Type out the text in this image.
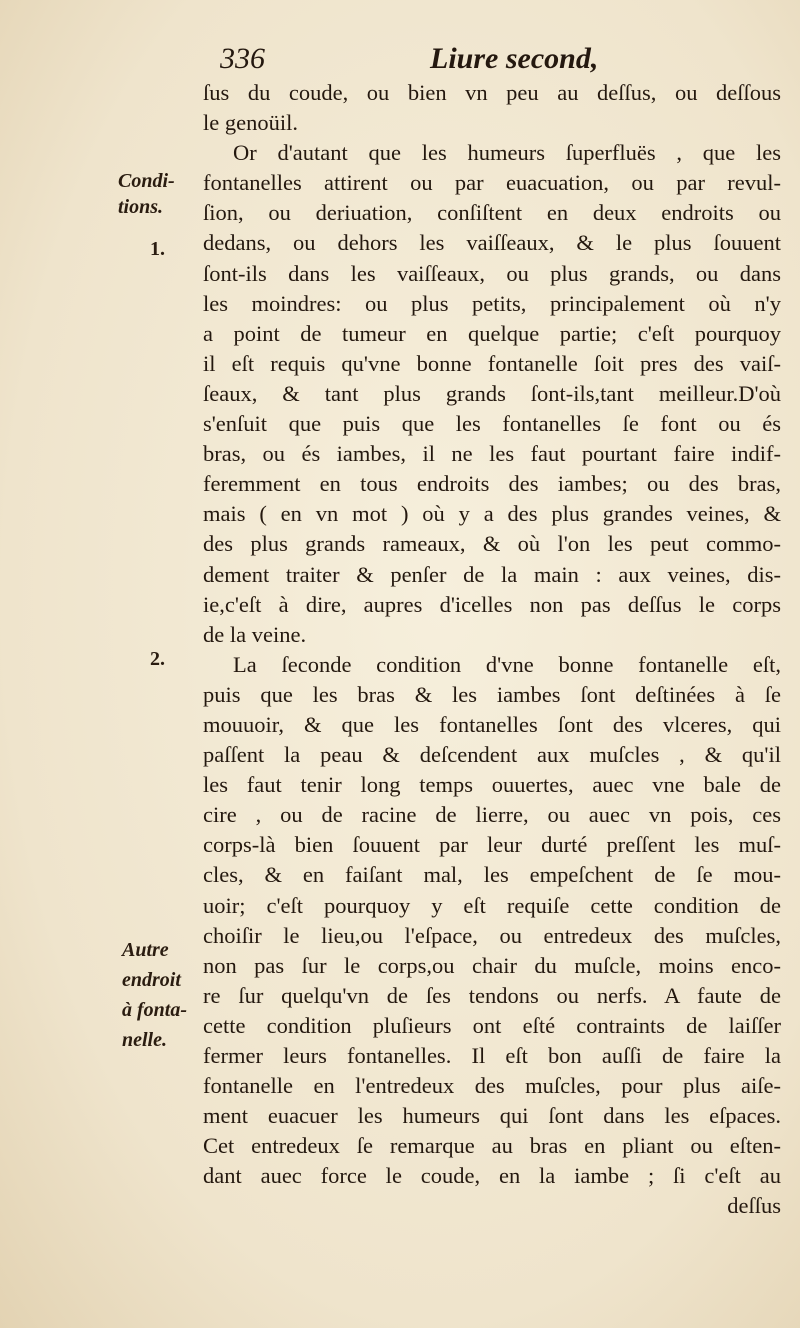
336	Liure second,
Condi-
tions.
1.
2.
Autre
endroit
à fonta-
nelle.
ſus du coude, ou bien vn peu au deſſus, ou deſſous
le genoüil.
Or d'autant que les humeurs ſuperfluës , que les
fontanelles attirent ou par euacuation, ou par revul-
ſion, ou deriuation, conſiſtent en deux endroits ou
dedans, ou dehors les vaiſſeaux, & le plus ſouuent
ſont-ils dans les vaiſſeaux, ou plus grands, ou dans
les moindres: ou plus petits, principalement où n'y
a point de tumeur en quelque partie; c'eſt pourquoy
il eſt requis qu'vne bonne fontanelle ſoit pres des vaiſ-
ſeaux, & tant plus grands ſont-ils,tant meilleur.D'où
s'enſuit que puis que les fontanelles ſe font ou és
bras, ou és iambes, il ne les faut pourtant faire indif-
feremment en tous endroits des iambes; ou des bras,
mais ( en vn mot ) où y a des plus grandes veines, &
des plus grands rameaux, & où l'on les peut commo-
dement traiter & penſer de la main : aux veines, dis-
ie,c'eſt à dire, aupres d'icelles non pas deſſus le corps
de la veine.
La ſeconde condition d'vne bonne fontanelle eſt,
puis que les bras & les iambes ſont deſtinées à ſe
mouuoir, & que les fontanelles ſont des vlceres, qui
paſſent la peau & deſcendent aux muſcles , & qu'il
les faut tenir long temps ouuertes, auec vne bale de
cire , ou de racine de lierre, ou auec vn pois, ces
corps-là bien ſouuent par leur durté preſſent les muſ-
cles, & en faiſant mal, les empeſchent de ſe mou-
uoir; c'eſt pourquoy y eſt requiſe cette condition de
choiſir le lieu,ou l'eſpace, ou entredeux des muſcles,
non pas ſur le corps,ou chair du muſcle, moins enco-
re ſur quelqu'vn de ſes tendons ou nerfs. A faute de
cette condition pluſieurs ont eſté contraints de laiſſer
fermer leurs fontanelles. Il eſt bon auſſi de faire la
fontanelle en l'entredeux des muſcles, pour plus aiſe-
ment euacuer les humeurs qui ſont dans les eſpaces.
Cet entredeux ſe remarque au bras en pliant ou eſten-
dant auec force le coude, en la iambe ; ſi c'eſt au
deſſus
